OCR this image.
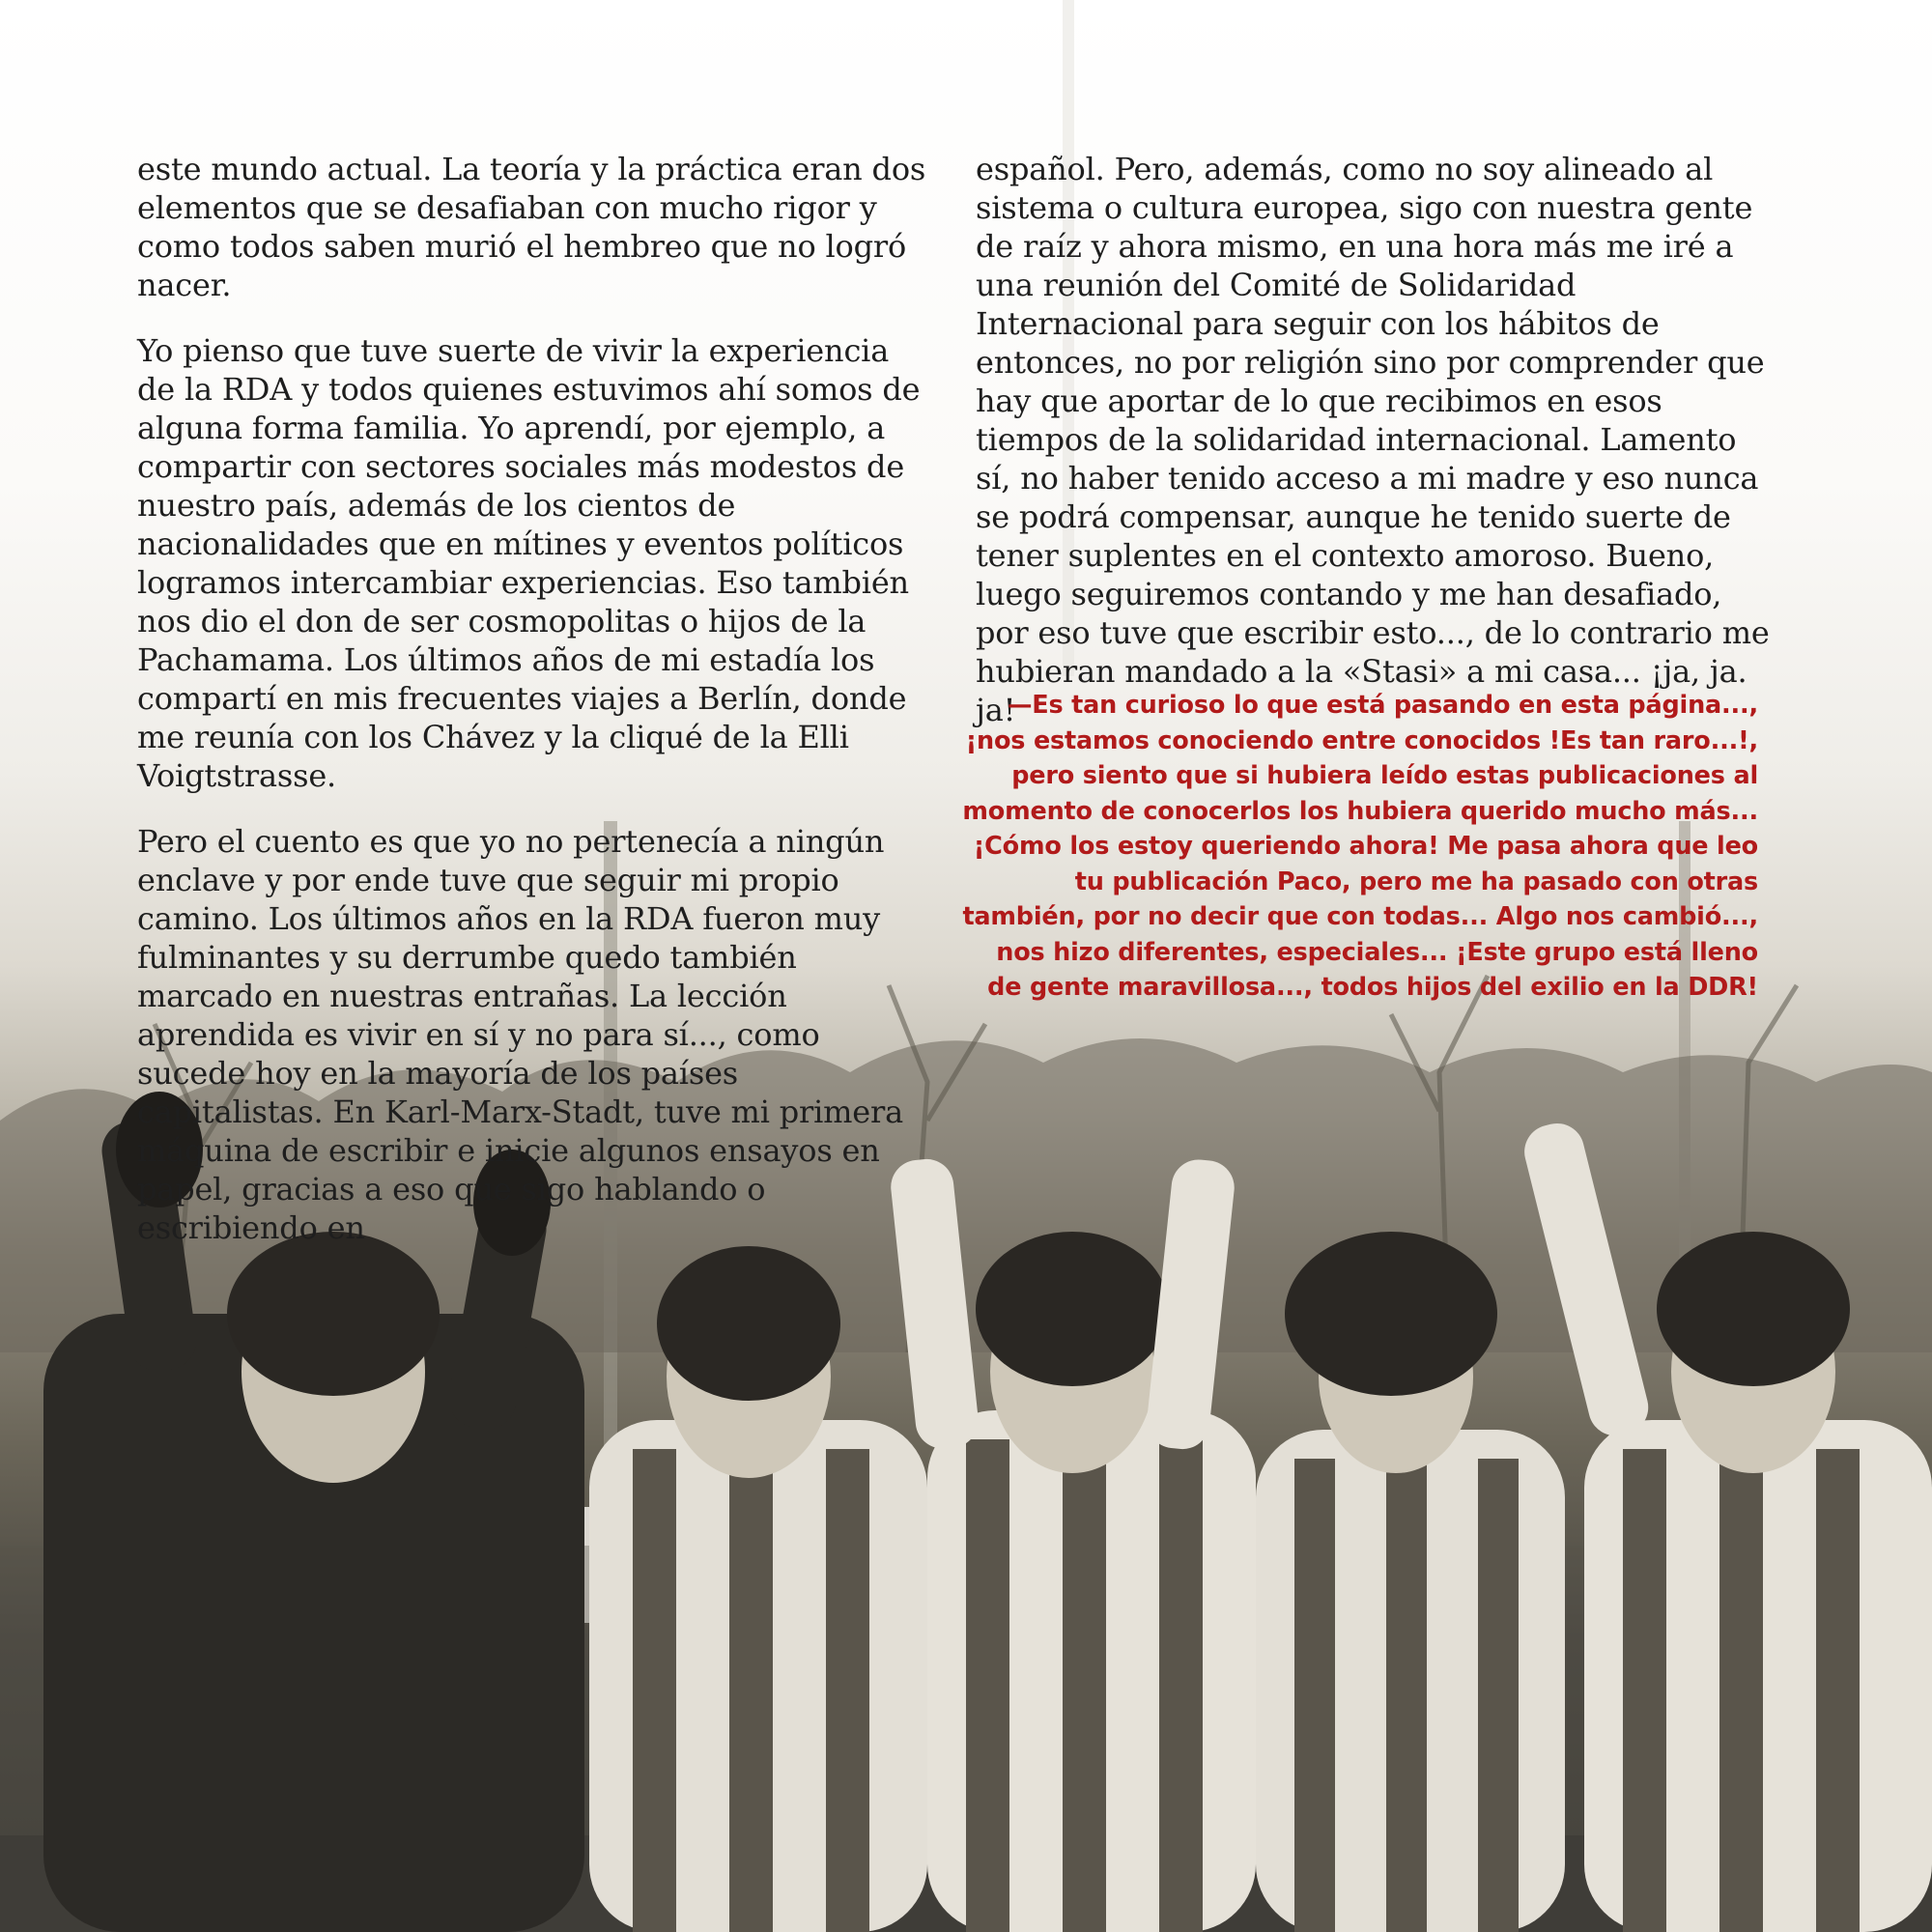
este mundo actual. La teoría y la práctica eran dos elementos que se desafiaban con mucho rigor y como todos saben murió el hembreo que no logró nacer.

Yo pienso que tuve suerte de vivir la experiencia de la RDA y todos quienes estuvimos ahí somos de alguna forma familia. Yo aprendí, por ejemplo, a compartir con sectores sociales más modestos de nuestro país, además de los cientos de nacionalidades que en mítines y eventos políticos logramos intercambiar experiencias. Eso también nos dio el don de ser cosmopolitas o hijos de la Pachamama. Los últimos años de mi estadía los compartí en mis frecuentes viajes a Berlín, donde me reunía con los Chávez y la cliqué de la Elli Voigtstrasse.

Pero el cuento es que yo no pertenecía a ningún enclave y por ende tuve que seguir mi propio camino. Los últimos años en la RDA fueron muy fulminantes y su derrumbe quedo también marcado en nuestras entrañas. La lección aprendida es vivir en sí y no para sí..., como sucede hoy en la mayoría de los países capitalistas. En Karl-Marx-Stadt, tuve mi primera máquina de escribir e inicie algunos ensayos en papel, gracias a eso que sigo hablando o escribiendo en

español. Pero, además, como no soy alineado al sistema o cultura europea, sigo con nuestra gente de raíz y ahora mismo, en una hora más me iré a una reunión del Comité de Solidaridad Internacional para seguir con los hábitos de entonces, no por religión sino por comprender que hay que aportar de lo que recibimos en esos tiempos de la solidaridad internacional. Lamento sí, no haber tenido acceso a mi madre y eso nunca se podrá compensar, aunque he tenido suerte de tener suplentes en el contexto amoroso. Bueno, luego seguiremos contando y me han desafiado, por eso tuve que escribir esto..., de lo contrario me hubieran mandado a la «Stasi» a mi casa... ¡ja, ja. ja!

—Es tan curioso lo que está pasando en esta página..., ¡nos estamos conociendo entre conocidos !Es tan raro...!, pero siento que si hubiera leído estas publicaciones al momento de conocerlos los hubiera querido mucho más... ¡Cómo los estoy queriendo ahora! Me pasa ahora que leo tu publicación Paco, pero me ha pasado con otras también, por no decir que con todas... Algo nos cambió..., nos hizo diferentes, especiales... ¡Este grupo está lleno de gente maravillosa..., todos hijos del exilio en la DDR!
